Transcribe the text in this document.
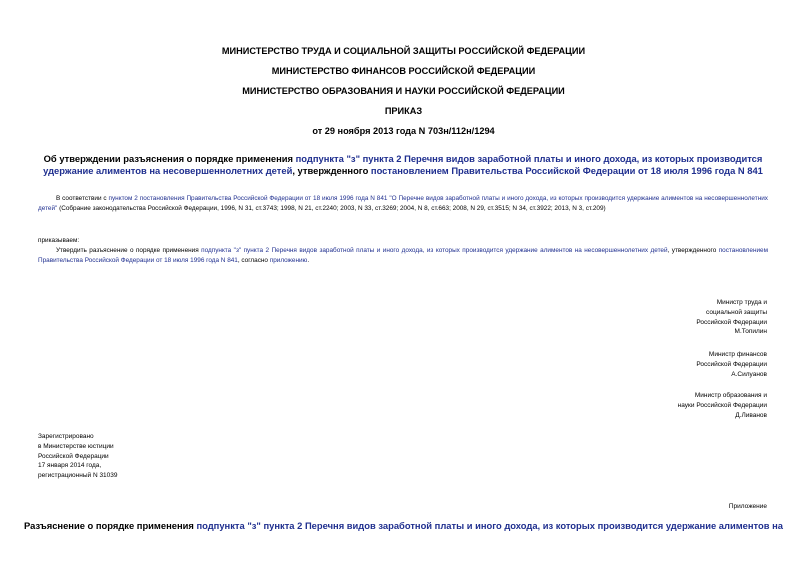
МИНИСТЕРСТВО ТРУДА И СОЦИАЛЬНОЙ ЗАЩИТЫ РОССИЙСКОЙ ФЕДЕРАЦИИ
МИНИСТЕРСТВО ФИНАНСОВ РОССИЙСКОЙ ФЕДЕРАЦИИ
МИНИСТЕРСТВО ОБРАЗОВАНИЯ И НАУКИ РОССИЙСКОЙ ФЕДЕРАЦИИ
ПРИКАЗ
от 29 ноября 2013 года N 703н/112н/1294
Об утверждении разъяснения о порядке применения подпункта "з" пункта 2 Перечня видов заработной платы и иного дохода, из которых производится удержание алиментов на несовершеннолетних детей, утвержденного постановлением Правительства Российской Федерации от 18 июля 1996 года N 841
В соответствии с пунктом 2 постановления Правительства Российской Федерации от 18 июля 1996 года N 841 "О Перечне видов заработной платы и иного дохода, из которых производится удержание алиментов на несовершеннолетних детей" (Собрание законодательства Российской Федерации, 1996, N 31, ст.3743; 1998, N 21, ст.2240; 2003, N 33, ст.3269; 2004, N 8, ст.663; 2008, N 29, ст.3515; N 34, ст.3922; 2013, N 3, ст.209)
приказываем:
Утвердить разъяснение о порядке применения подпункта "з" пункта 2 Перечня видов заработной платы и иного дохода, из которых производится удержание алиментов на несовершеннолетних детей, утвержденного постановлением Правительства Российской Федерации от 18 июля 1996 года N 841, согласно приложению.
Министр труда и
социальной защиты
Российской Федерации
М.Топилин
Министр финансов
Российской Федерации
А.Силуанов
Министр образования и
науки Российской Федерации
Д.Ливанов
Зарегистрировано
в Министерстве юстиции
Российской Федерации
17 января 2014 года,
регистрационный N 31039
Приложение
Разъяснение о порядке применения подпункта "з" пункта 2 Перечня видов заработной платы и иного дохода, из которых производится удержание алиментов на
